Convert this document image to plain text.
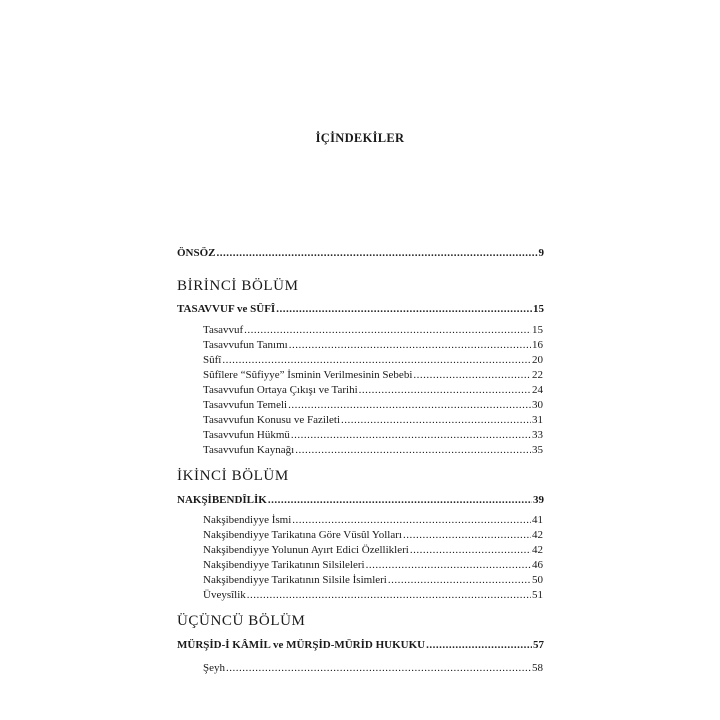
İÇİNDEKİLER
ÖNSÖZ .....	9
BİRİNCİ BÖLÜM
TASAVVUF ve SÛFÎ .....	15
Tasavvuf .....	15
Tasavvufun Tanımı .....	16
Sûfî .....	20
Sûfîlere “Sûfiyye” İsminin Verilmesinin Sebebi .....	22
Tasavvufun Ortaya Çıkışı ve Tarihi .....	24
Tasavvufun Temeli .....	30
Tasavvufun Konusu ve Fazileti .....	31
Tasavvufun Hükmü .....	33
Tasavvufun Kaynağı .....	35
İKİNCİ BÖLÜM
NAKŞİBENDÎLİK .....	39
Nakşibendiyye İsmi .....	41
Nakşibendiyye Tarikatına Göre Vüsûl Yolları .....	42
Nakşibendiyye Yolunun Ayırt Edici Özellikleri .....	42
Nakşibendiyye Tarikatının Silsileleri .....	46
Nakşibendiyye Tarikatının Silsile İsimleri .....	50
Üveysîlik .....	51
ÜÇÜNCÜ BÖLÜM
MÜRŞİD-İ KÂMİL ve MÜRŞİD-MÜRİD HUKUKU .....	57
Şeyh .....	58
